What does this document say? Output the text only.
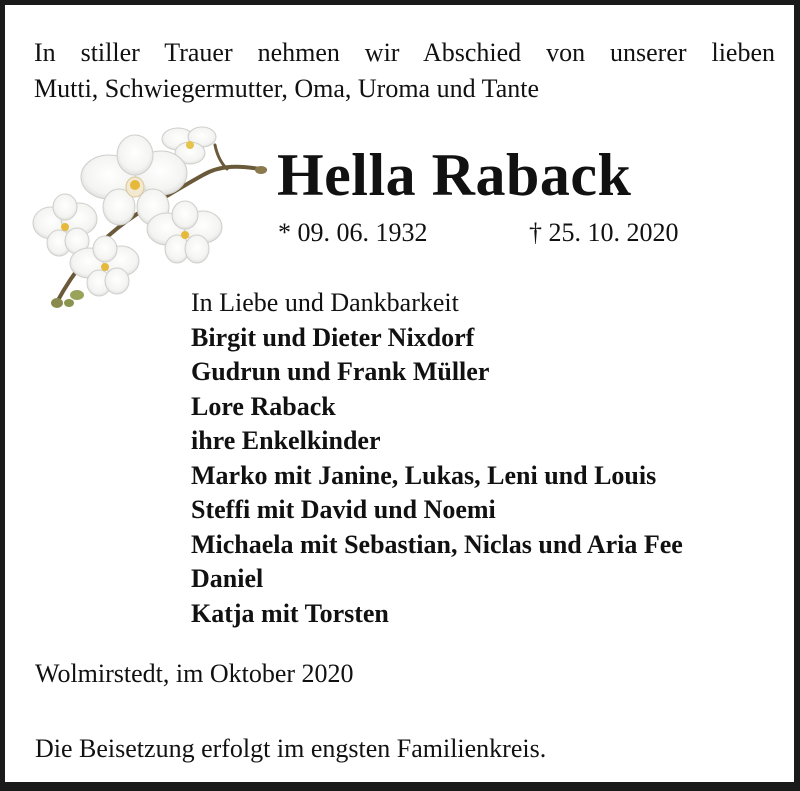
In stiller Trauer nehmen wir Abschied von unserer lieben
Mutti, Schwiegermutter, Oma, Uroma und Tante
Hella Raback
* 09. 06. 1932	† 25. 10. 2020
In Liebe und Dankbarkeit
Birgit und Dieter Nixdorf
Gudrun und Frank Müller
Lore Raback
ihre Enkelkinder
Marko mit Janine, Lukas, Leni und Louis
Steffi mit David und Noemi
Michaela mit Sebastian, Niclas und Aria Fee
Daniel
Katja mit Torsten
Wolmirstedt, im Oktober 2020
Die Beisetzung erfolgt im engsten Familienkreis.
